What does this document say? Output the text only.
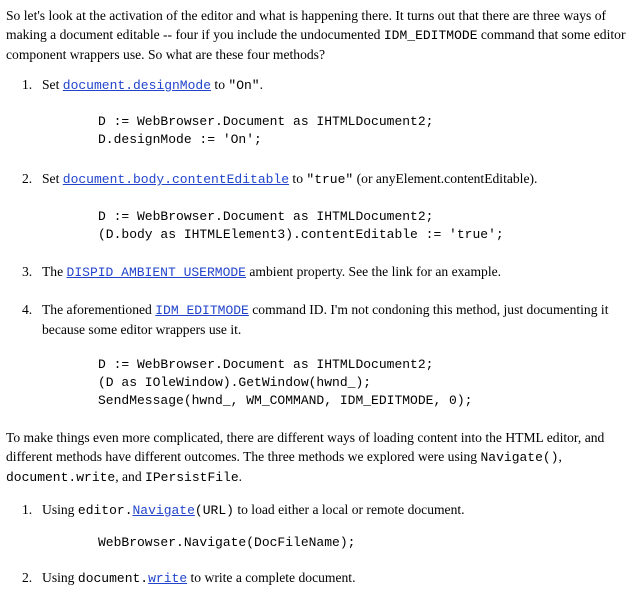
So let's look at the activation of the editor and what is happening there. It turns out that there are three ways of making a document editable -- four if you include the undocumented IDM_EDITMODE command that some editor component wrappers use. So what are these four methods?

1. Set document.designMode to "On".
D := WebBrowser.Document as IHTMLDocument2;
D.designMode := 'On';
2. Set document.body.contentEditable to "true" (or anyElement.contentEditable).
D := WebBrowser.Document as IHTMLDocument2;
(D.body as IHTMLElement3).contentEditable := 'true';
3. The DISPID_AMBIENT_USERMODE ambient property. See the link for an example.
4. The aforementioned IDM_EDITMODE command ID. I'm not condoning this method, just documenting it because some editor wrappers use it.
D := WebBrowser.Document as IHTMLDocument2;
(D as IOleWindow).GetWindow(hwnd_);
SendMessage(hwnd_, WM_COMMAND, IDM_EDITMODE, 0);

To make things even more complicated, there are different ways of loading content into the HTML editor, and different methods have different outcomes. The three methods we explored were using Navigate(), document.write, and IPersistFile.

1. Using editor.Navigate(URL) to load either a local or remote document.
WebBrowser.Navigate(DocFileName);
2. Using document.write to write a complete document.
